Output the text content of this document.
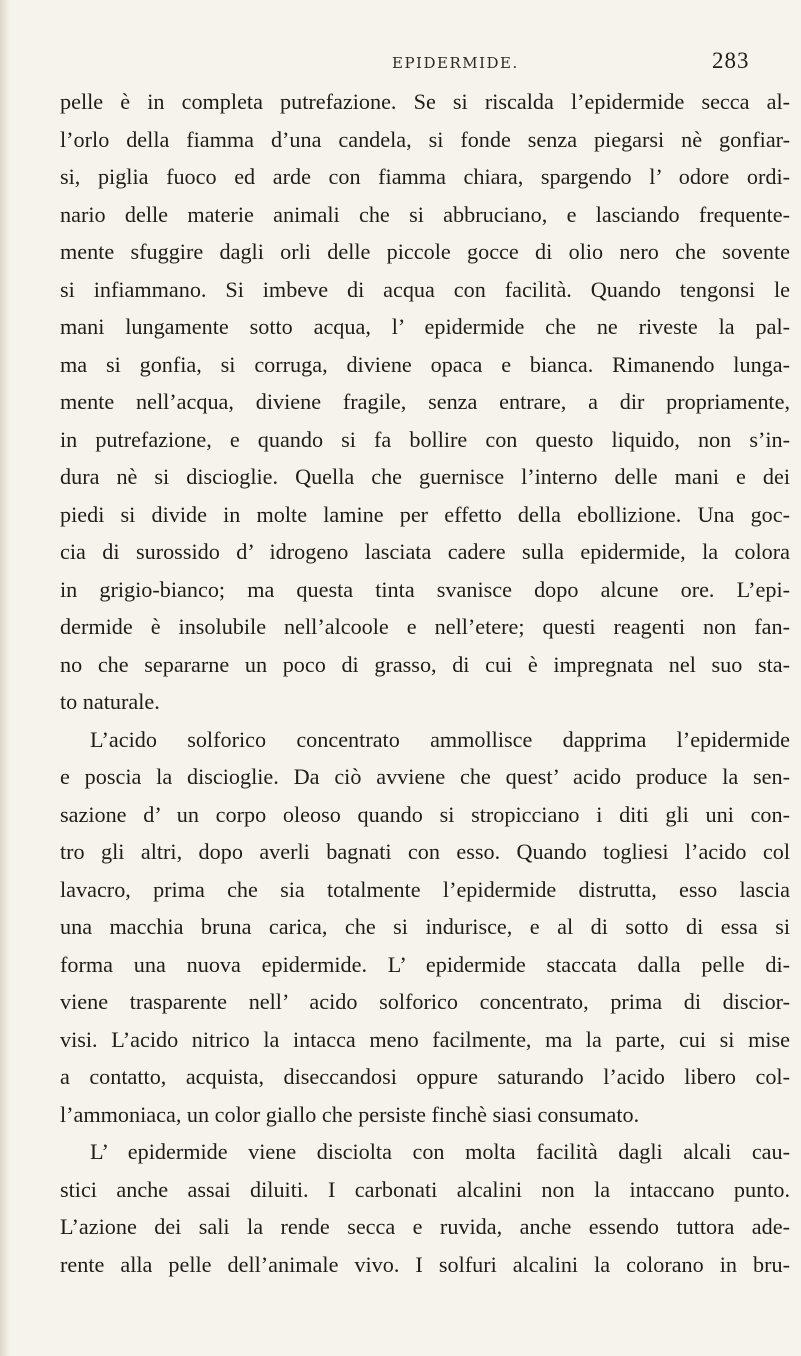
EPIDERMIDE.	283
pelle è in completa putrefazione. Se si riscalda l’epidermide secca al-
l’orlo della fiamma d’una candela, si fonde senza piegarsi nè gonfiar-
si, piglia fuoco ed arde con fiamma chiara, spargendo l’ odore ordi-
nario delle materie animali che si abbruciano, e lasciando frequente-
mente sfuggire dagli orli delle piccole gocce di olio nero che sovente
si infiammano. Si imbeve di acqua con facilità. Quando tengonsi le
mani lungamente sotto acqua, l’ epidermide che ne riveste la pal-
ma si gonfia, si corruga, diviene opaca e bianca. Rimanendo lunga-
mente nell’acqua, diviene fragile, senza entrare, a dir propriamente,
in putrefazione, e quando si fa bollire con questo liquido, non s’in-
dura nè si discioglie. Quella che guernisce l’interno delle mani e dei
piedi si divide in molte lamine per effetto della ebollizione. Una goc-
cia di surossido d’ idrogeno lasciata cadere sulla epidermide, la colora
in grigio-bianco; ma questa tinta svanisce dopo alcune ore. L’epi-
dermide è insolubile nell’alcoole e nell’etere; questi reagenti non fan-
no che separarne un poco di grasso, di cui è impregnata nel suo sta-
to naturale.
L’acido solforico concentrato ammollisce dapprima l’epidermide
e poscia la discioglie. Da ciò avviene che quest’ acido produce la sen-
sazione d’ un corpo oleoso quando si stropicciano i diti gli uni con-
tro gli altri, dopo averli bagnati con esso. Quando togliesi l’acido col
lavacro, prima che sia totalmente l’epidermide distrutta, esso lascia
una macchia bruna carica, che si indurisce, e al di sotto di essa si
forma una nuova epidermide. L’ epidermide staccata dalla pelle di-
viene trasparente nell’ acido solforico concentrato, prima di discior-
visi. L’acido nitrico la intacca meno facilmente, ma la parte, cui si mise
a contatto, acquista, diseccandosi oppure saturando l’acido libero col-
l’ammoniaca, un color giallo che persiste finchè siasi consumato.
L’ epidermide viene disciolta con molta facilità dagli alcali cau-
stici anche assai diluiti. I carbonati alcalini non la intaccano punto.
L’azione dei sali la rende secca e ruvida, anche essendo tuttora ade-
rente alla pelle dell’animale vivo. I solfuri alcalini la colorano in bru-
